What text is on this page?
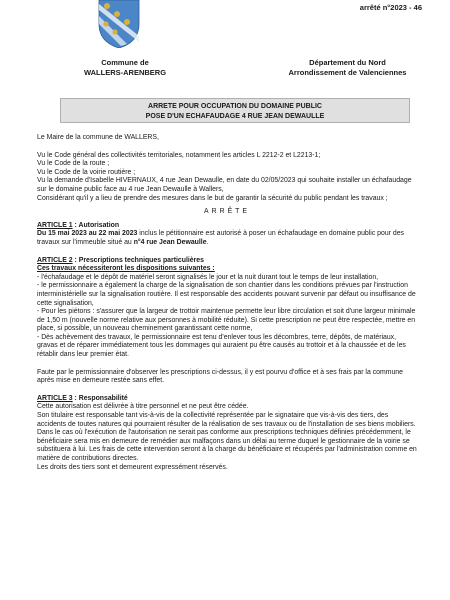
arrêté n°2023 - 46
Commune de
WALLERS-ARENBERG
Département du Nord
Arrondissement de Valenciennes
ARRETE POUR OCCUPATION DU DOMAINE PUBLIC
POSE D'UN ECHAFAUDAGE 4 RUE JEAN DEWAULLE

Le Maire de la commune de WALLERS,

Vu le Code général des collectivités territoriales, notamment les articles L 2212-2 et L2213-1;

Vu le Code de la route ;

Vu le Code de la voirie routière ;

Vu la demande d'Isabelle HIVERNAUX, 4 rue Jean Dewaulle, en date du 02/05/2023 qui souhaite installer un échafaudage sur le domaine public face au 4 rue Jean Dewaulle à Wallers,

Considérant qu'il y a lieu de prendre des mesures dans le but de garantir la sécurité du public pendant les travaux ;

ARRÊTE

ARTICLE 1 : Autorisation

Du 15 mai 2023 au 22 mai 2023 inclus le pétitionnaire est autorisé à poser un échafaudage en domaine public pour des travaux sur l'immeuble situé au n°4 rue Jean Dewaulle.

ARTICLE 2 : Prescriptions techniques particulières

Ces travaux nécessiteront les dispositions suivantes :

- l'échafaudage et le dépôt de matériel seront signalisés le jour et la nuit durant tout le temps de leur installation,

- le permissionnaire a également la charge de la signalisation de son chantier dans les conditions prévues par l'instruction interministérielle sur la signalisation routière. Il est responsable des accidents pouvant survenir par défaut ou insuffisance de cette signalisation,

- Pour les piétons : s'assurer que la largeur de trottoir maintenue permette leur libre circulation et soit d'une largeur minimale de 1,50 m (nouvelle norme relative aux personnes à mobilité réduite). Si cette prescription ne peut être respectée, mettre en place, si possible, un nouveau cheminement garantissant cette norme,

- Dès achèvement des travaux, le permissionnaire est tenu d'enlever tous les décombres, terre, dépôts, de matériaux, gravas et de réparer immédiatement tous les dommages qui auraient pu être causés au trottoir et à la chaussée et de les rétablir dans leur premier état.

Faute par le permissionnaire d'observer les prescriptions ci-dessus, il y est pourvu d'office et à ses frais par la commune après mise en demeure restée sans effet.

ARTICLE 3 : Responsabilité

Cette autorisation est délivrée à titre personnel et ne peut être cédée.

Son titulaire est responsable tant vis-à-vis de la collectivité représentée par le signataire que vis-à-vis des tiers, des accidents de toutes natures qui pourraient résulter de la réalisation de ses travaux ou de l'installation de ses biens mobiliers.

Dans le cas où l'exécution de l'autorisation ne serait pas conforme aux prescriptions techniques définies précédemment, le bénéficiaire sera mis en demeure de remédier aux malfaçons dans un délai au terme duquel le gestionnaire de la voirie se substituera à lui. Les frais de cette intervention seront à la charge du bénéficiaire et récupérés par l'administration comme en matière de contributions directes.

Les droits des tiers sont et demeurent expressément réservés.
